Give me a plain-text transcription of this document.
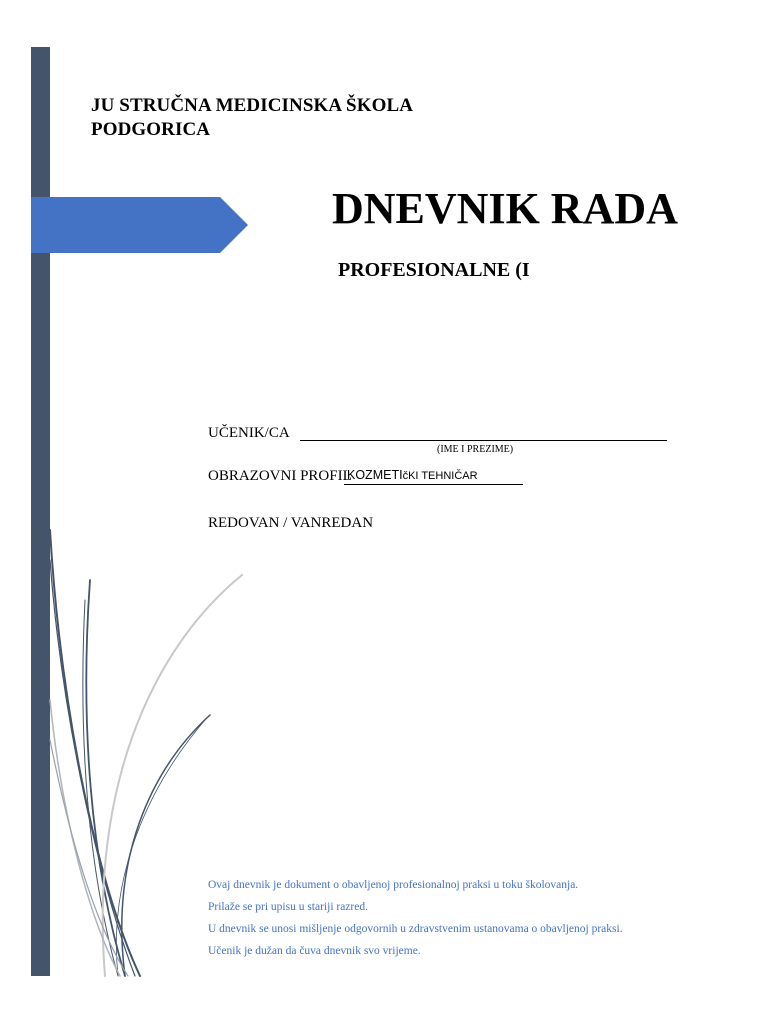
JU STRUČNA MEDICINSKA ŠKOLA
PODGORICA
DNEVNIK RADA
PROFESIONALNE (I
UČENIK/CA
(IME I PREZIME)
OBRAZOVNI PROFIL
KOZMETIčKI TEHNIČAR
REDOVAN / VANREDAN
Ovaj dnevnik je dokument o obavljenoj profesionalnoj praksi u toku školovanja.
Prilaže se pri upisu u stariji razred.
U dnevnik se unosi mišljenje odgovornih u zdravstvenim ustanovama o obavljenoj praksi.
Učenik je dužan da čuva dnevnik svo vrijeme.
